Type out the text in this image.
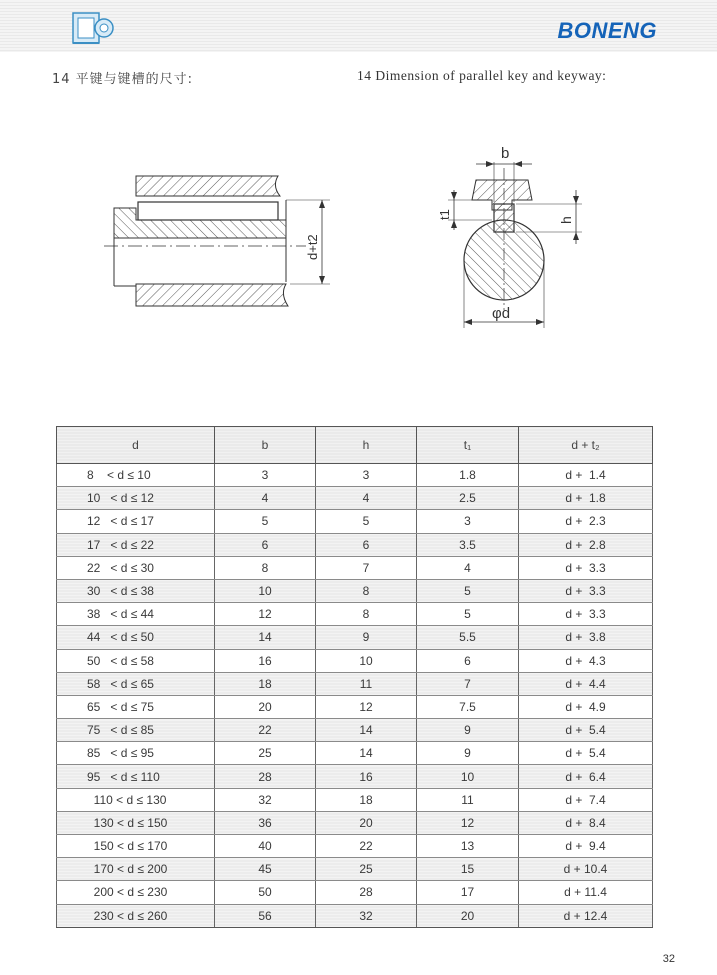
BONENG
14 平键与键槽的尺寸:	14 Dimension of parallel key and keyway:
d+t2
b
t1
h
φd
d	b	h	t₁	d + t₂
8    < d ≤ 10	3	3	1.8	d +  1.4
10   < d ≤ 12	4	4	2.5	d +  1.8
12   < d ≤ 17	5	5	3	d +  2.3
17   < d ≤ 22	6	6	3.5	d +  2.8
22   < d ≤ 30	8	7	4	d +  3.3
30   < d ≤ 38	10	8	5	d +  3.3
38   < d ≤ 44	12	8	5	d +  3.3
44   < d ≤ 50	14	9	5.5	d +  3.8
50   < d ≤ 58	16	10	6	d +  4.3
58   < d ≤ 65	18	11	7	d +  4.4
65   < d ≤ 75	20	12	7.5	d +  4.9
75   < d ≤ 85	22	14	9	d +  5.4
85   < d ≤ 95	25	14	9	d +  5.4
95   < d ≤ 110	28	16	10	d +  6.4
110 < d ≤ 130	32	18	11	d +  7.4
130 < d ≤ 150	36	20	12	d +  8.4
150 < d ≤ 170	40	22	13	d +  9.4
170 < d ≤ 200	45	25	15	d + 10.4
200 < d ≤ 230	50	28	17	d + 11.4
230 < d ≤ 260	56	32	20	d + 12.4
32
